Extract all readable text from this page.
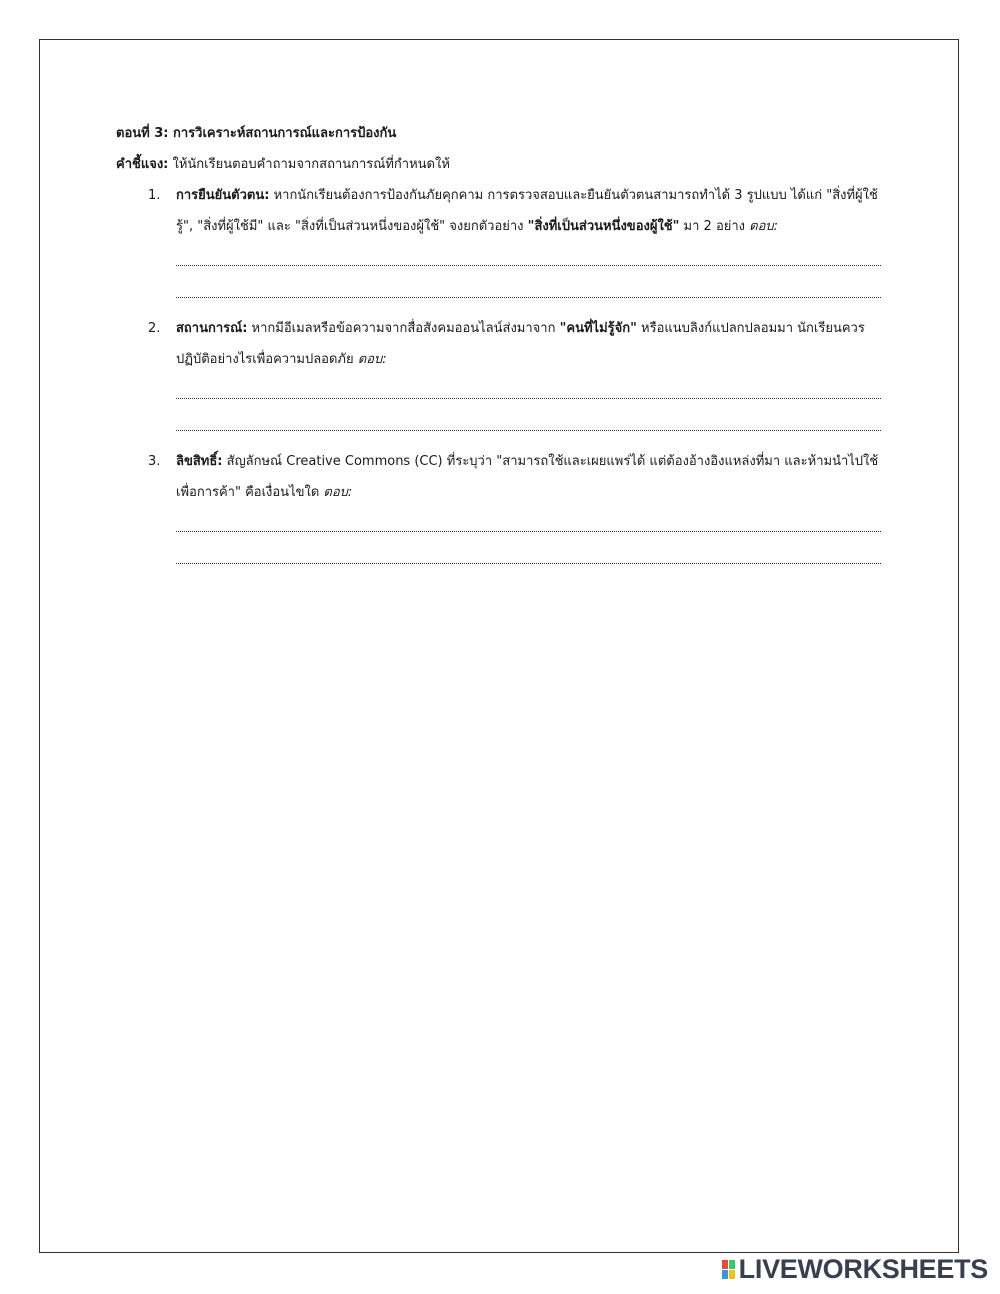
ตอนที่ 3: การวิเคราะห์สถานการณ์และการป้องกัน

คำชี้แจง: ให้นักเรียนตอบคำถามจากสถานการณ์ที่กำหนดให้

1. การยืนยันตัวตน: หากนักเรียนต้องการป้องกันภัยคุกคาม การตรวจสอบและยืนยันตัวตนสามารถทำได้ 3 รูปแบบ ได้แก่ "สิ่งที่ผู้ใช้รู้", "สิ่งที่ผู้ใช้มี" และ "สิ่งที่เป็นส่วนหนึ่งของผู้ใช้" จงยกตัวอย่าง "สิ่งที่เป็นส่วนหนึ่งของผู้ใช้" มา 2 อย่าง ตอบ:

2. สถานการณ์: หากมีอีเมลหรือข้อความจากสื่อสังคมออนไลน์ส่งมาจาก "คนที่ไม่รู้จัก" หรือแนบลิงก์แปลกปลอมมา นักเรียนควรปฏิบัติอย่างไรเพื่อความปลอดภัย ตอบ:

3. ลิขสิทธิ์: สัญลักษณ์ Creative Commons (CC) ที่ระบุว่า "สามารถใช้และเผยแพร่ได้ แต่ต้องอ้างอิงแหล่งที่มา และห้ามนำไปใช้เพื่อการค้า" คือเงื่อนไขใด ตอบ:

LIVEWORKSHEETS
